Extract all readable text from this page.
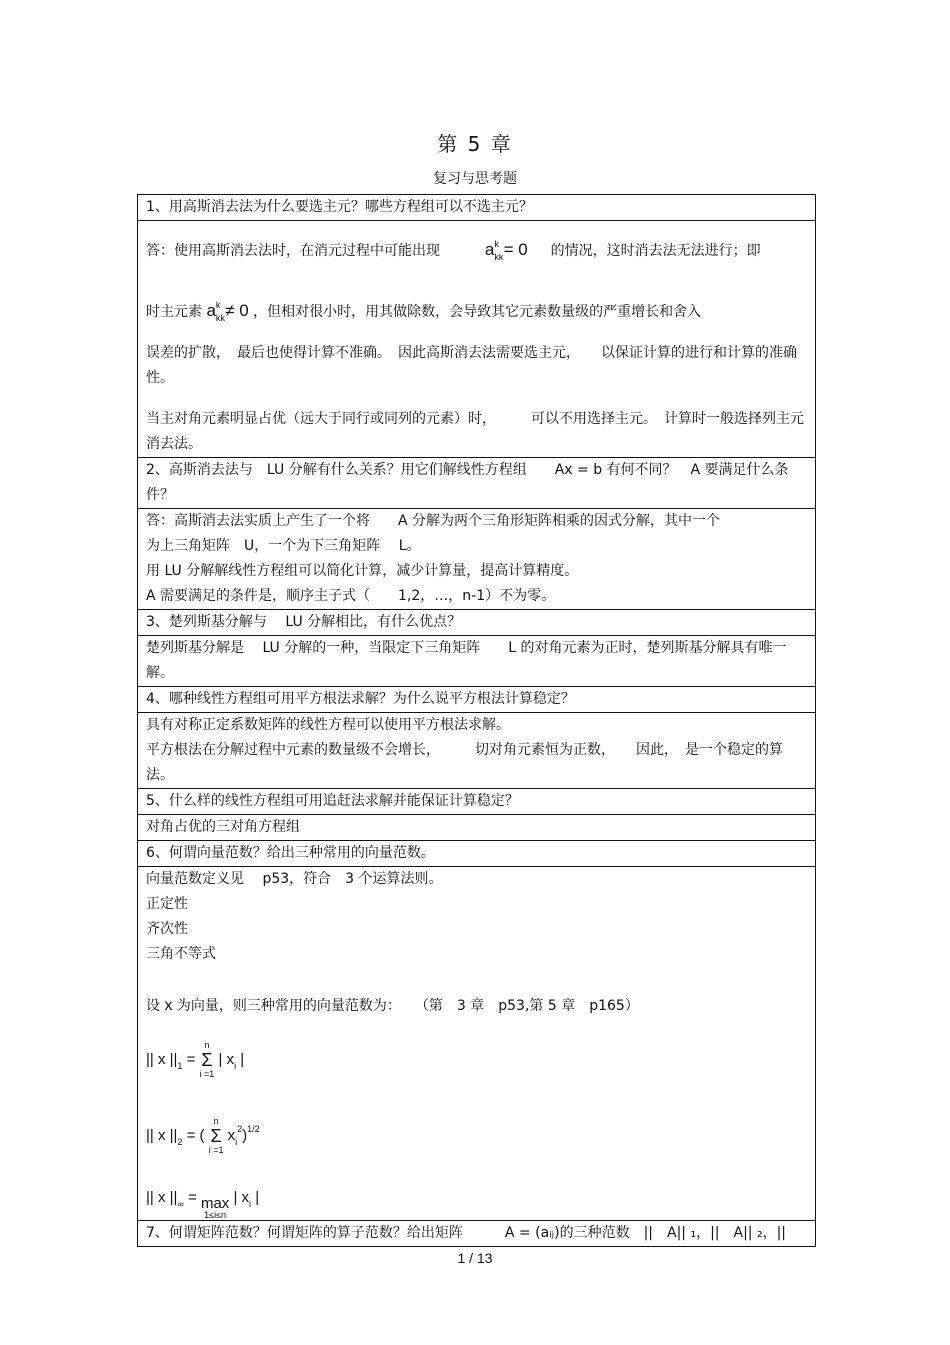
第 5 章
复习与思考题
1、用高斯消去法为什么要选主元？哪些方程组可以不选主元？

答：使用高斯消去法时，在消元过程中可能出现	$a_{kk}^k = 0$ 的情况，这时消去法无法进行；即
时主元素 $a_{kk}^k \ne 0$ ，但相对很小时，用其做除数，会导致其它元素数量级的严重增长和舍入
误差的扩散，　最后也使得计算不准确。　因此高斯消去法需要选主元，　　以保证计算的进行和计算的准确性。
当主对角元素明显占优（远大于同行或同列的元素）时，　　　可以不用选择主元。　计算时一般选择列主元消去法。

2、高斯消去法与　LU 分解有什么关系？用它们解线性方程组　　Ax = b 有何不同？　A 要满足什么条件？

答：高斯消去法实质上产生了一个将　　A 分解为两个三角形矩阵相乘的因式分解，其中一个
为上三角矩阵　U，一个为下三角矩阵　 L。
用 LU 分解解线性方程组可以简化计算，减少计算量，提高计算精度。
A 需要满足的条件是，顺序主子式（　　1,2，…，n-1）不为零。

3、楚列斯基分解与　 LU 分解相比，有什么优点？
楚列斯基分解是　 LU 分解的一种，当限定下三角矩阵　　L 的对角元素为正时，楚列斯基分解具有唯一解。
4、哪种线性方程组可用平方根法求解？为什么说平方根法计算稳定？

具有对称正定系数矩阵的线性方程可以使用平方根法求解。
平方根法在分解过程中元素的数量级不会增长，　　　切对角元素恒为正数，　　因此，　是一个稳定的算法。

5、什么样的线性方程组可用追赶法求解并能保证计算稳定？
对角占优的三对角方程组
6、何谓向量范数？给出三种常用的向量范数。

向量范数定义见　 p53，符合　3 个运算法则。
正定性
齐次性
三角不等式
设 x 为向量，则三种常用的向量范数为：　　（第　3 章　p53,第 5 章　p165）
|| x $||_1$ =
n
Σ
i =1
| $x_i$ |
|| x $||_2$ = (
n
Σ
i =1
$x_i^2)^{1/2}$
|| x $||_\infty = \max$
1≤i≤n
| $x_i$ |

7、何谓矩阵范数？何谓矩阵的算子范数？给出矩阵　　　A = (aᵢⱼ)的三种范数　||　A|| ₁，||　A|| ₂，||
1 / 13
